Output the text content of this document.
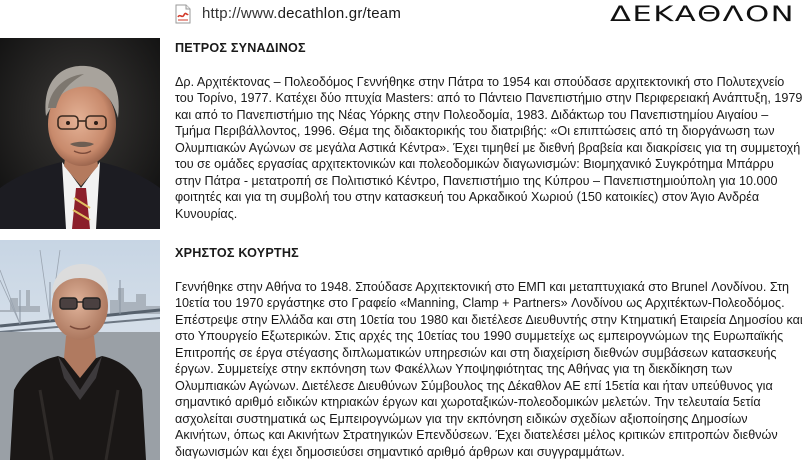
http://www.decathlon.gr/team	ΔΕΚΑΘΛΟΝ

ΠΕΤΡΟΣ ΣΥΝΑΔΙΝΟΣ

Δρ. Αρχιτέκτονας – Πολεοδόμος Γεννήθηκε στην Πάτρα το 1954 και σπούδασε αρχιτεκτονική στο Πολυτεχνείο του Τορίνο, 1977. Κατέχει δύο πτυχία Masters: από το Πάντειο Πανεπιστήμιο στην Περιφερειακή Ανάπτυξη, 1979 και από το Πανεπιστήμιο της Νέας Υόρκης στην Πολεοδομία, 1983. Διδάκτωρ του Πανεπιστημίου Αιγαίου – Τμήμα Περιβάλλοντος, 1996. Θέμα της διδακτορικής του διατριβής: «Οι επιπτώσεις από τη διοργάνωση των Ολυμπιακών Αγώνων σε μεγάλα Αστικά Κέντρα». Έχει τιμηθεί με διεθνή βραβεία και διακρίσεις για τη συμμετοχή του σε ομάδες εργασίας αρχιτεκτονικών και πολεοδομικών διαγωνισμών: Βιομηχανικό Συγκρότημα Μπάρρυ στην Πάτρα - μετατροπή σε Πολιτιστικό Κέντρο, Πανεπιστήμιο της Κύπρου – Πανεπιστημιούπολη για 10.000 φοιτητές και για τη συμβολή του στην κατασκευή του Αρκαδικού Χωριού (150 κατοικίες) στον Άγιο Ανδρέα Κυνουρίας.

ΧΡΗΣΤΟΣ ΚΟΥΡΤΗΣ

Γεννήθηκε στην Αθήνα το 1948. Σπούδασε Αρχιτεκτονική στο ΕΜΠ και μεταπτυχιακά στο Brunel Λονδίνου. Στη 10ετία του 1970 εργάστηκε στο Γραφείο «Manning, Clamp + Partners» Λονδίνου ως Αρχιτέκτων-Πολεοδόμος. Επέστρεψε στην Ελλάδα και στη 10ετία του 1980 και διετέλεσε Διευθυντής στην Κτηματική Εταιρεία Δημοσίου και στο Υπουργείο Εξωτερικών. Στις αρχές της 10ετίας του 1990 συμμετείχε ως εμπειρογνώμων της Ευρωπαϊκής Επιτροπής σε έργα στέγασης διπλωματικών υπηρεσιών και στη διαχείριση διεθνών συμβάσεων κατασκευής έργων. Συμμετείχε στην εκπόνηση των Φακέλλων Υποψηφιότητας της Αθήνας για τη διεκδίκηση των Ολυμπιακών Αγώνων. Διετέλεσε Διευθύνων Σύμβουλος της Δέκαθλον ΑΕ επί 15ετία και ήταν υπεύθυνος για σημαντικό αριθμό ειδικών κτηριακών έργων και χωροταξικών-πολεοδομικών μελετών. Την τελευταία 5ετία ασχολείται συστηματικά ως Εμπειρογνώμων για την εκπόνηση ειδικών σχεδίων αξιοποίησης Δημοσίων Ακινήτων, όπως και Ακινήτων Στρατηγικών Επενδύσεων. Έχει διατελέσει μέλος κριτικών επιτροπών διεθνών διαγωνισμών και έχει δημοσιεύσει σημαντικό αριθμό άρθρων και συγγραμμάτων.
